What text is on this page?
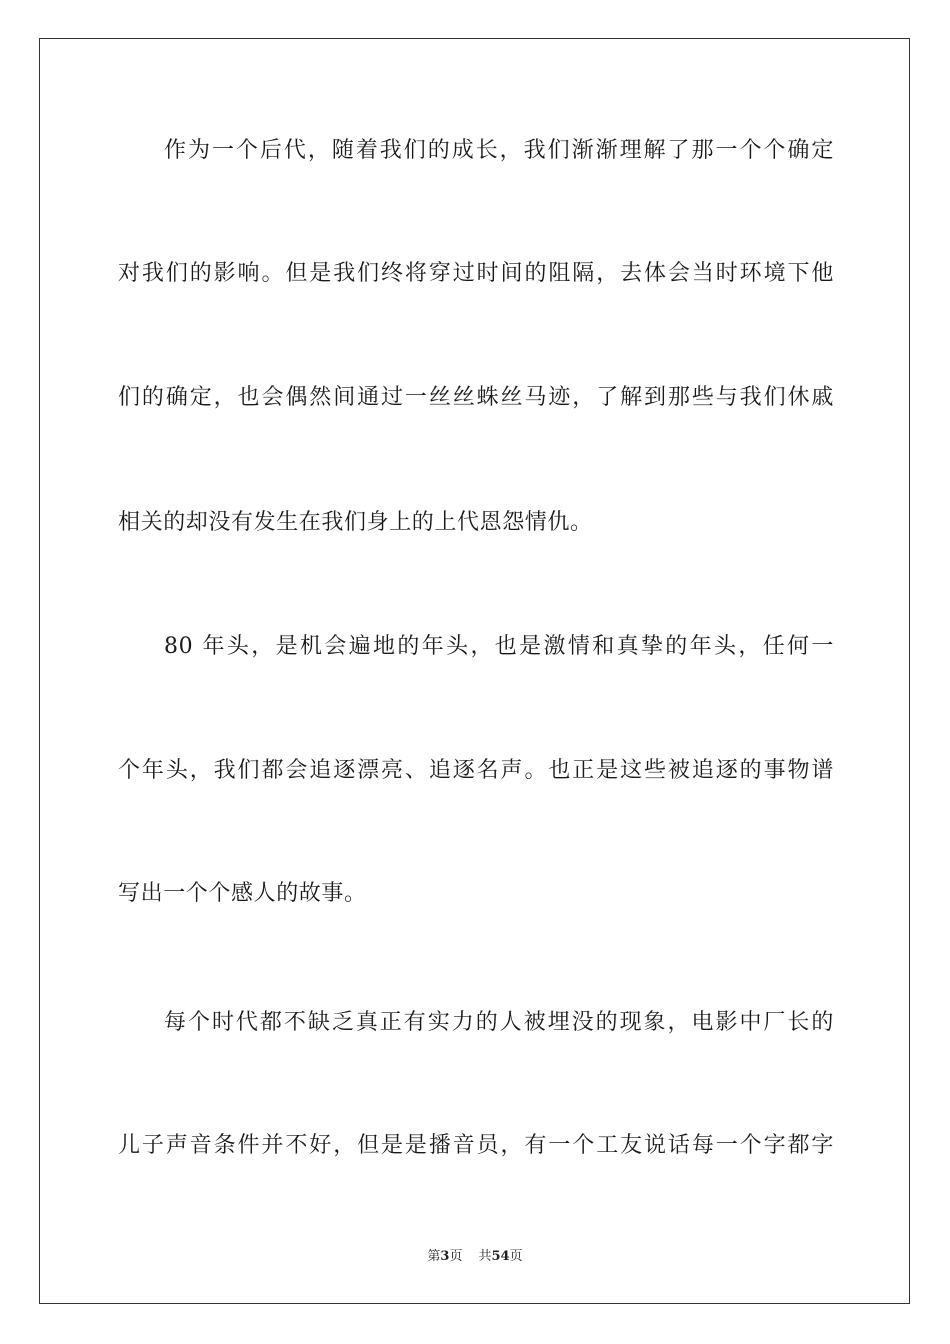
作为一个后代，随着我们的成长，我们渐渐理解了那一个个确定
对我们的影响。但是我们终将穿过时间的阻隔，去体会当时环境下他
们的确定，也会偶然间通过一丝丝蛛丝马迹，了解到那些与我们休戚
相关的却没有发生在我们身上的上代恩怨情仇。
80 年头，是机会遍地的年头，也是激情和真挚的年头，任何一
个年头，我们都会追逐漂亮、追逐名声。也正是这些被追逐的事物谱
写出一个个感人的故事。
每个时代都不缺乏真正有实力的人被埋没的现象，电影中厂长的
儿子声音条件并不好，但是是播音员，有一个工友说话每一个字都字
第3页 共54页
